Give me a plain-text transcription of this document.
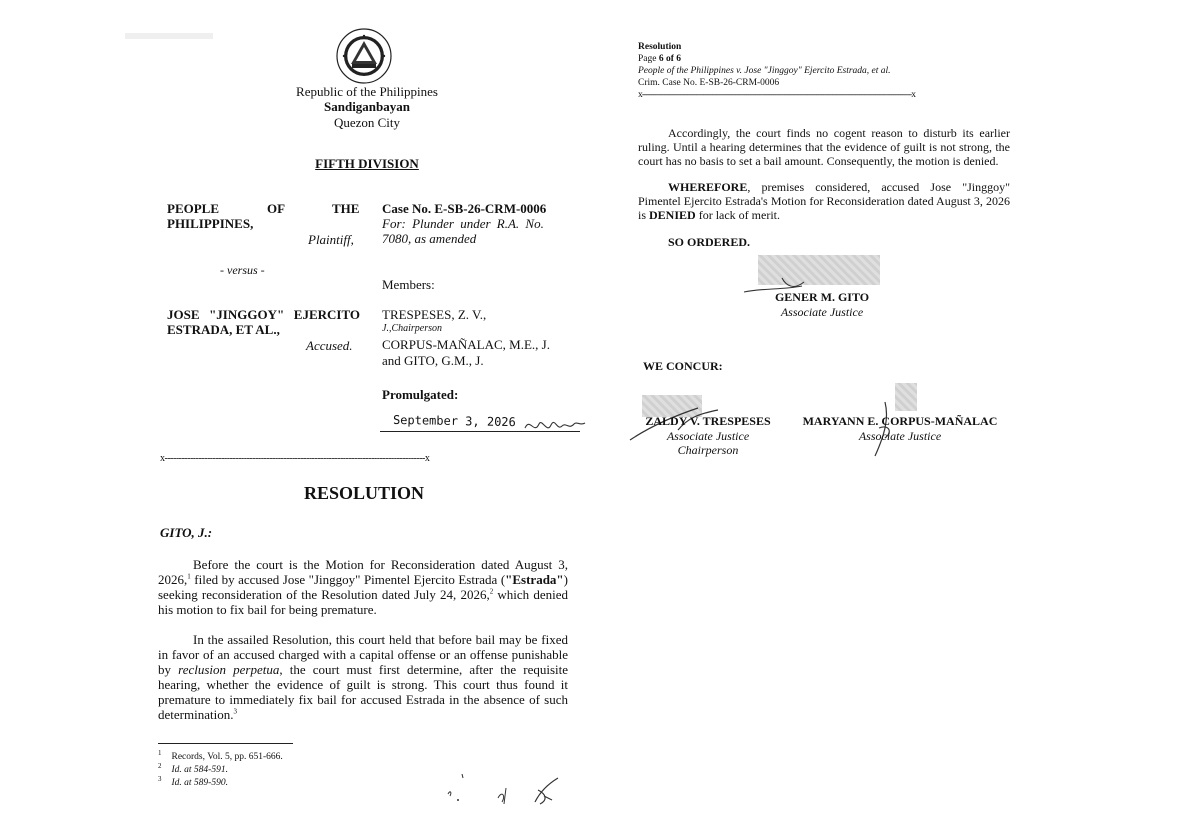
Republic of the Philippines
Sandiganbayan
Quezon City
FIFTH DIVISION
PEOPLE	OF	THE
PHILIPPINES,
Plaintiff,
- versus -
JOSE "JINGGOY" EJERCITO ESTRADA, ET AL.,
Accused.
Case No. E-SB-26-CRM-0006
For: Plunder under R.A. No.
7080, as amended
Members:
TRESPESES, Z. V.,
J.,Chairperson
CORPUS-MAÑALAC, M.E., J.
and GITO, G.M., J.
Promulgated:
September 3, 2026
x--------------------------------------------------------------------------------------------x
RESOLUTION
GITO, J.:

Before the court is the Motion for Reconsideration dated August 3, 2026,$^1$ filed by accused Jose "Jinggoy" Pimentel Ejercito Estrada ("Estrada") seeking reconsideration of the Resolution dated July 24, 2026,$^2$ which denied his motion to fix bail for being premature.

In the assailed Resolution, this court held that before bail may be fixed in favor of an accused charged with a capital offense or an offense punishable by reclusion perpetua, the court must first determine, after the requisite hearing, whether the evidence of guilt is strong. This court thus found it premature to immediately fix bail for accused Estrada in the absence of such determination.$^3$

$^1$ Records, Vol. 5, pp. 651-666.
$^2$ Id. at 584-591.
$^3$ Id. at 589-590.
Resolution
Page 6 of 6
People of the Philippines v. Jose "Jinggoy" Ejercito Estrada, et al.
Crim. Case No. E-SB-26-CRM-0006
x-----------------------------------------------------------------------------------------------------------------------x

Accordingly, the court finds no cogent reason to disturb its earlier ruling. Until a hearing determines that the evidence of guilt is not strong, the court has no basis to set a bail amount. Consequently, the motion is denied.

WHEREFORE, premises considered, accused Jose "Jinggoy" Pimentel Ejercito Estrada's Motion for Reconsideration dated August 3, 2026 is DENIED for lack of merit.

SO ORDERED.
GENER M. GITO
Associate Justice
WE CONCUR:
ZALDY V. TRESPESES
Associate Justice
Chairperson
MARYANN E. CORPUS-MAÑALAC
Associate Justice
